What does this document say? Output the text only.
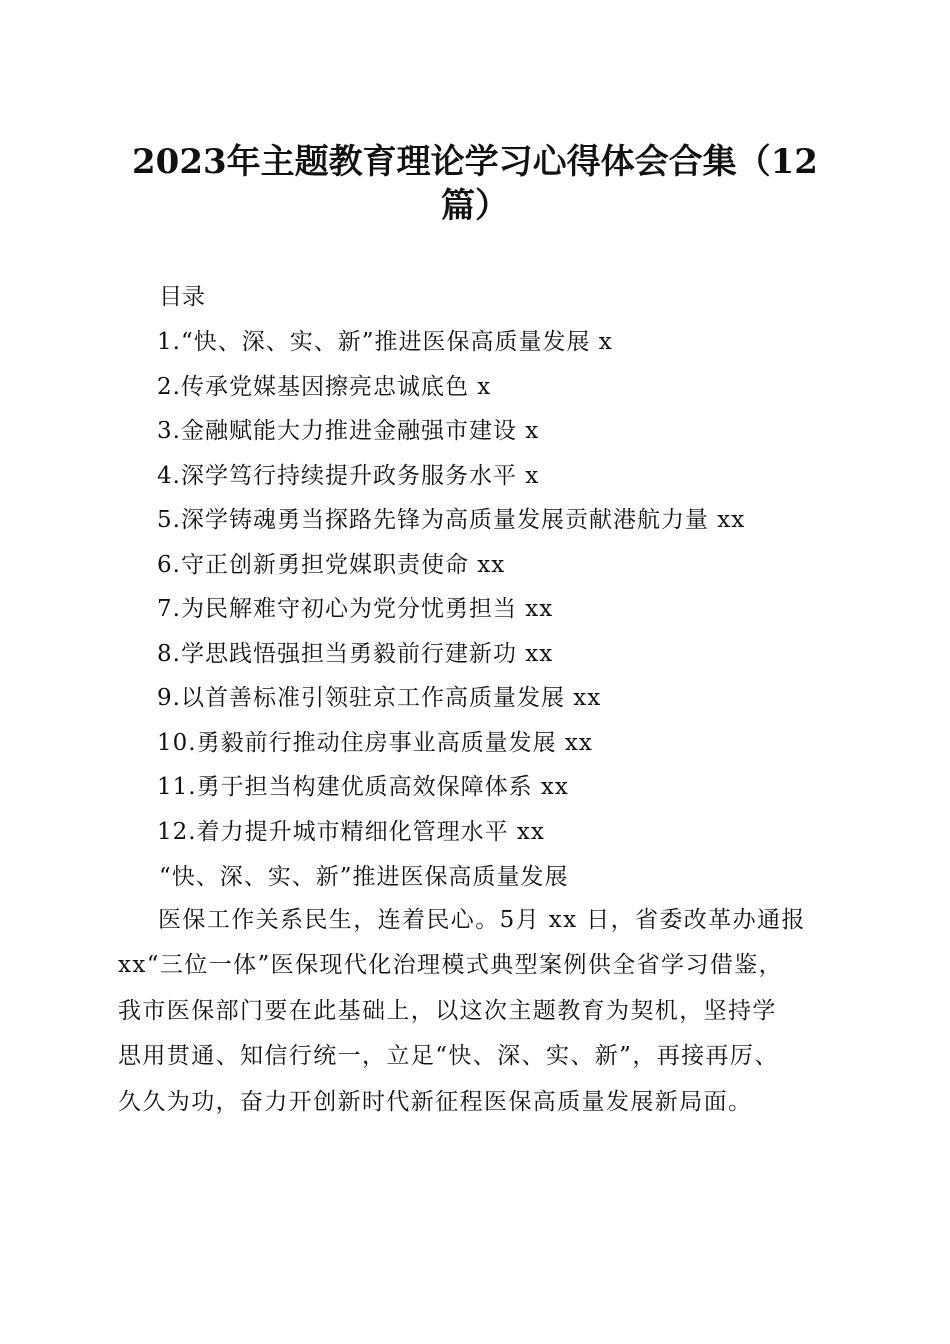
2023年主题教育理论学习心得体会合集（12
篇）
目录
1.“快、深、实、新”推进医保高质量发展 x
2.传承党媒基因擦亮忠诚底色 x
3.金融赋能大力推进金融强市建设 x
4.深学笃行持续提升政务服务水平 x
5.深学铸魂勇当探路先锋为高质量发展贡献港航力量 xx
6.守正创新勇担党媒职责使命 xx
7.为民解难守初心为党分忧勇担当 xx
8.学思践悟强担当勇毅前行建新功 xx
9.以首善标准引领驻京工作高质量发展 xx
10.勇毅前行推动住房事业高质量发展 xx
11.勇于担当构建优质高效保障体系 xx
12.着力提升城市精细化管理水平 xx
“快、深、实、新”推进医保高质量发展
医保工作关系民生，连着民心。5月 xx 日，省委改革办通报
xx“三位一体”医保现代化治理模式典型案例供全省学习借鉴，
我市医保部门要在此基础上，以这次主题教育为契机，坚持学
思用贯通、知信行统一，立足“快、深、实、新”，再接再厉、
久久为功，奋力开创新时代新征程医保高质量发展新局面。
